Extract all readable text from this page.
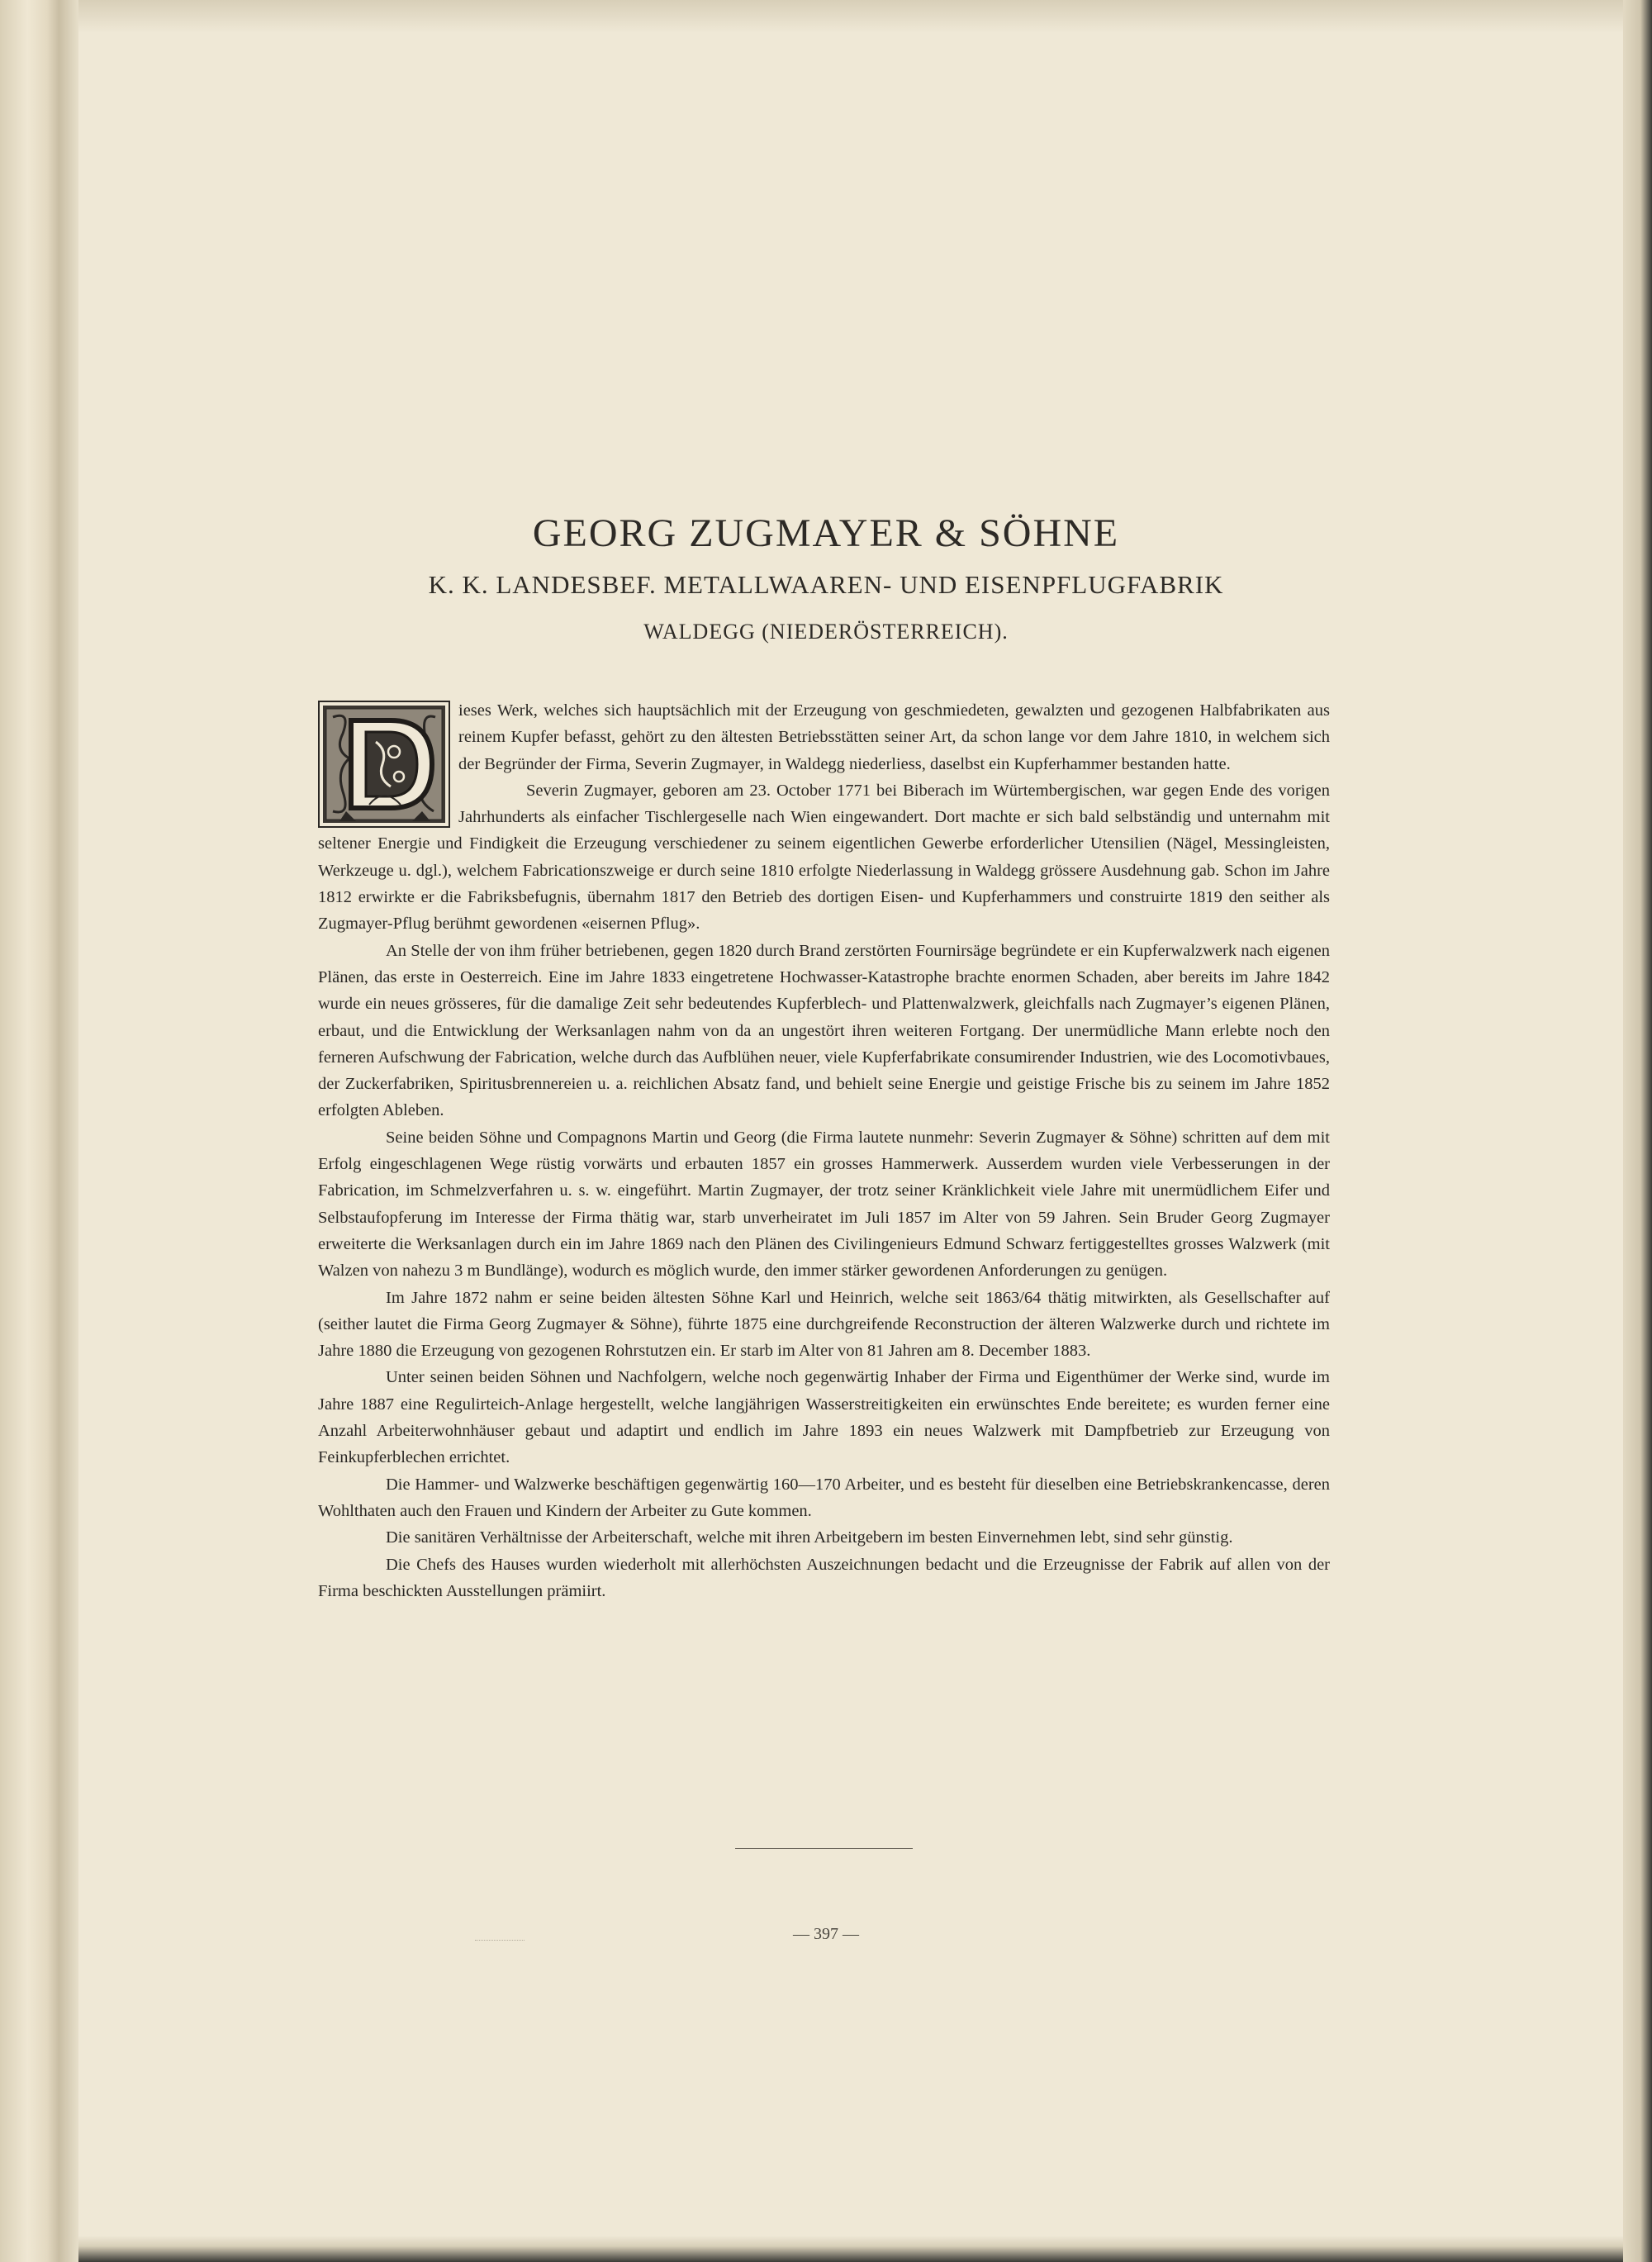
GEORG ZUGMAYER & SÖHNE
K. K. LANDESBEF. METALLWAAREN- UND EISENPFLUGFABRIK
WALDEGG (NIEDERÖSTERREICH).

ieses Werk, welches sich hauptsächlich mit der Erzeugung von geschmiedeten, gewalzten und gezogenen Halbfabrikaten aus reinem Kupfer befasst, gehört zu den ältesten Betriebsstätten seiner Art, da schon lange vor dem Jahre 1810, in welchem sich der Begründer der Firma, Severin Zugmayer, in Waldegg niederliess, daselbst ein Kupferhammer bestanden hatte.

Severin Zugmayer, geboren am 23. October 1771 bei Biberach im Würtembergischen, war gegen Ende des vorigen Jahrhunderts als einfacher Tischlergeselle nach Wien eingewandert. Dort machte er sich bald selbständig und unternahm mit seltener Energie und Findigkeit die Erzeugung verschiedener zu seinem eigentlichen Gewerbe erforderlicher Utensilien (Nägel, Messingleisten, Werkzeuge u. dgl.), welchem Fabricationszweige er durch seine 1810 erfolgte Niederlassung in Waldegg grössere Ausdehnung gab. Schon im Jahre 1812 erwirkte er die Fabriksbefugnis, übernahm 1817 den Betrieb des dortigen Eisen- und Kupferhammers und construirte 1819 den seither als Zugmayer-Pflug berühmt gewordenen «eisernen Pflug».

An Stelle der von ihm früher betriebenen, gegen 1820 durch Brand zerstörten Fournirsäge begründete er ein Kupferwalzwerk nach eigenen Plänen, das erste in Oesterreich. Eine im Jahre 1833 eingetretene Hochwasser-Katastrophe brachte enormen Schaden, aber bereits im Jahre 1842 wurde ein neues grösseres, für die damalige Zeit sehr bedeutendes Kupferblech- und Plattenwalzwerk, gleichfalls nach Zugmayer’s eigenen Plänen, erbaut, und die Entwicklung der Werksanlagen nahm von da an ungestört ihren weiteren Fortgang. Der unermüdliche Mann erlebte noch den ferneren Aufschwung der Fabrication, welche durch das Aufblühen neuer, viele Kupferfabrikate consumirender Industrien, wie des Locomotivbaues, der Zuckerfabriken, Spiritusbrennereien u. a. reichlichen Absatz fand, und behielt seine Energie und geistige Frische bis zu seinem im Jahre 1852 erfolgten Ableben.

Seine beiden Söhne und Compagnons Martin und Georg (die Firma lautete nunmehr: Severin Zugmayer & Söhne) schritten auf dem mit Erfolg eingeschlagenen Wege rüstig vorwärts und erbauten 1857 ein grosses Hammerwerk. Ausserdem wurden viele Verbesserungen in der Fabrication, im Schmelzverfahren u. s. w. eingeführt. Martin Zugmayer, der trotz seiner Kränklichkeit viele Jahre mit unermüdlichem Eifer und Selbstaufopferung im Interesse der Firma thätig war, starb unverheiratet im Juli 1857 im Alter von 59 Jahren. Sein Bruder Georg Zugmayer erweiterte die Werksanlagen durch ein im Jahre 1869 nach den Plänen des Civilingenieurs Edmund Schwarz fertiggestelltes grosses Walzwerk (mit Walzen von nahezu 3 m Bundlänge), wodurch es möglich wurde, den immer stärker gewordenen Anforderungen zu genügen.

Im Jahre 1872 nahm er seine beiden ältesten Söhne Karl und Heinrich, welche seit 1863/64 thätig mitwirkten, als Gesellschafter auf (seither lautet die Firma Georg Zugmayer & Söhne), führte 1875 eine durchgreifende Reconstruction der älteren Walzwerke durch und richtete im Jahre 1880 die Erzeugung von gezogenen Rohrstutzen ein. Er starb im Alter von 81 Jahren am 8. December 1883.

Unter seinen beiden Söhnen und Nachfolgern, welche noch gegenwärtig Inhaber der Firma und Eigenthümer der Werke sind, wurde im Jahre 1887 eine Regulirteich-Anlage hergestellt, welche langjährigen Wasserstreitigkeiten ein erwünschtes Ende bereitete; es wurden ferner eine Anzahl Arbeiterwohnhäuser gebaut und adaptirt und endlich im Jahre 1893 ein neues Walzwerk mit Dampfbetrieb zur Erzeugung von Feinkupferblechen errichtet.

Die Hammer- und Walzwerke beschäftigen gegenwärtig 160—170 Arbeiter, und es besteht für dieselben eine Betriebskrankencasse, deren Wohlthaten auch den Frauen und Kindern der Arbeiter zu Gute kommen.

Die sanitären Verhältnisse der Arbeiterschaft, welche mit ihren Arbeitgebern im besten Einvernehmen lebt, sind sehr günstig.

Die Chefs des Hauses wurden wiederholt mit allerhöchsten Auszeichnungen bedacht und die Erzeugnisse der Fabrik auf allen von der Firma beschickten Ausstellungen prämiirt.

— 397 —
